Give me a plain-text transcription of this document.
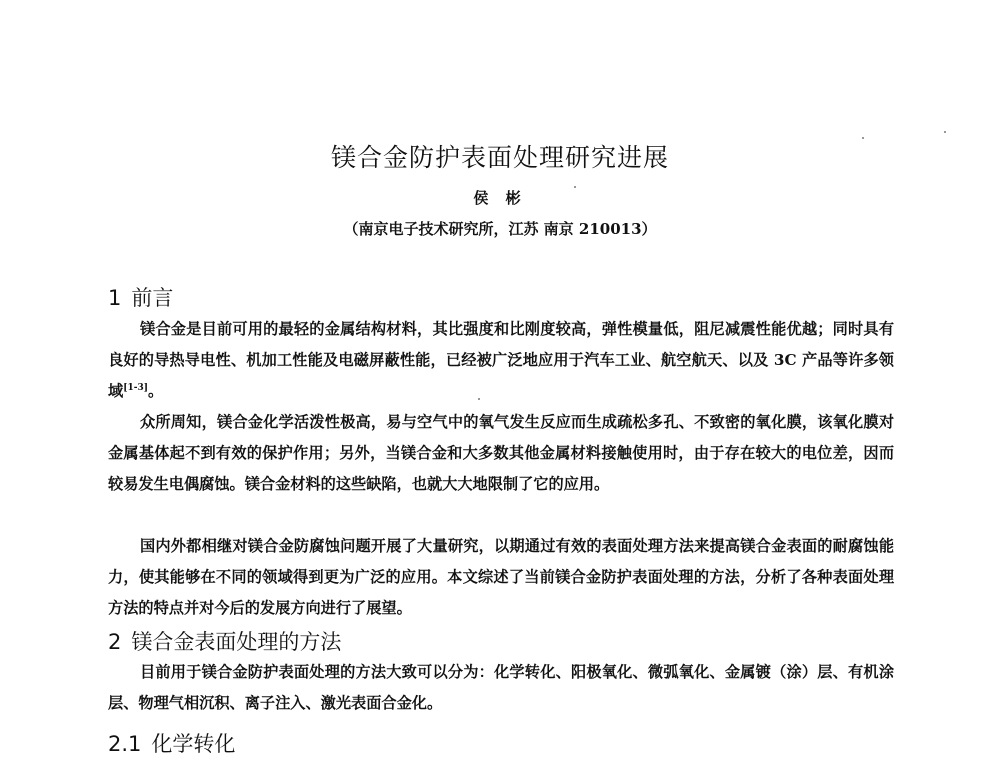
镁合金防护表面处理研究进展
侯 彬
（南京电子技术研究所，江苏 南京 210013）
1 前言

镁合金是目前可用的最轻的金属结构材料，其比强度和比刚度较高，弹性模量低，阻尼减震性能优越；同时具有良好的导热导电性、机加工性能及电磁屏蔽性能，已经被广泛地应用于汽车工业、航空航天、以及 3C 产品等许多领域[1-3]。

众所周知，镁合金化学活泼性极高，易与空气中的氧气发生反应而生成疏松多孔、不致密的氧化膜，该氧化膜对金属基体起不到有效的保护作用；另外，当镁合金和大多数其他金属材料接触使用时，由于存在较大的电位差，因而较易发生电偶腐蚀。镁合金材料的这些缺陷，也就大大地限制了它的应用。

国内外都相继对镁合金防腐蚀问题开展了大量研究，以期通过有效的表面处理方法来提高镁合金表面的耐腐蚀能力，使其能够在不同的领域得到更为广泛的应用。本文综述了当前镁合金防护表面处理的方法，分析了各种表面处理方法的特点并对今后的发展方向进行了展望。

2 镁合金表面处理的方法

目前用于镁合金防护表面处理的方法大致可以分为：化学转化、阳极氧化、微弧氧化、金属镀（涂）层、有机涂层、物理气相沉积、离子注入、激光表面合金化。

2.1 化学转化
